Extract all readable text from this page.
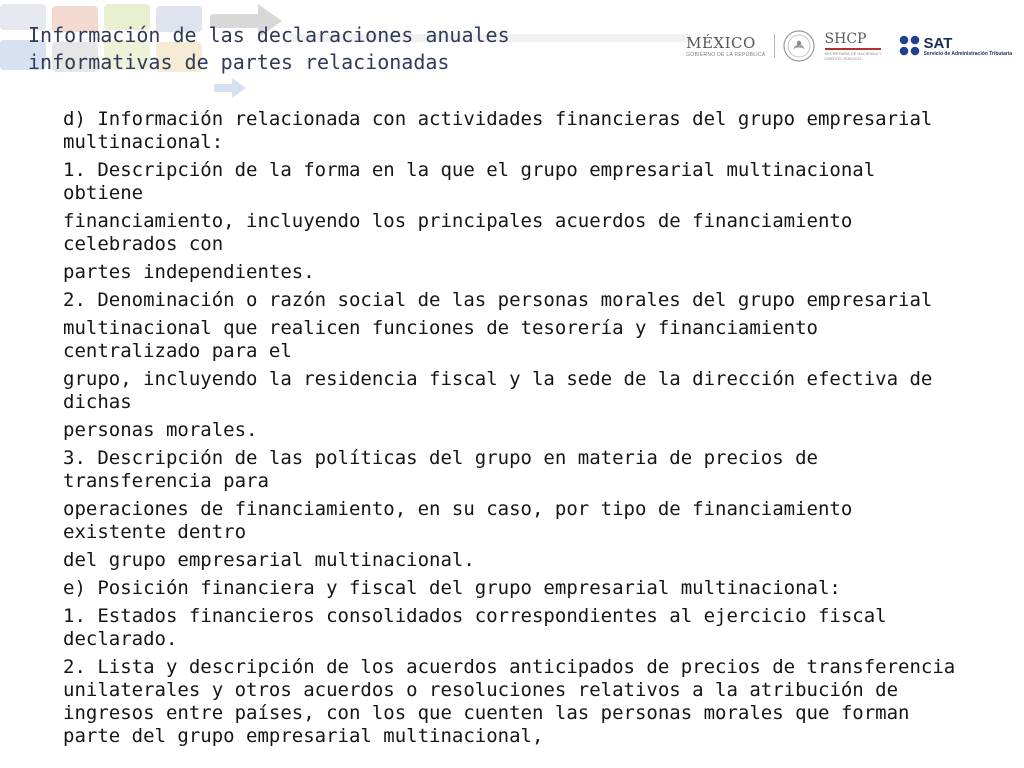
Información de las declaraciones anuales
informativas de partes relacionadas
MÉXICO
GOBIERNO DE LA REPÚBLICA
SHCP
SECRETARÍA DE HACIENDA Y CRÉDITO PÚBLICO
SAT
Servicio de Administración Tributaria

d) Información relacionada con actividades financieras del grupo empresarial multinacional:

1. Descripción de la forma en la que el grupo empresarial multinacional obtiene

financiamiento, incluyendo los principales acuerdos de financiamiento celebrados con

partes independientes.

2. Denominación o razón social de las personas morales del grupo empresarial

multinacional que realicen funciones de tesorería y financiamiento centralizado para el

grupo, incluyendo la residencia fiscal y la sede de la dirección efectiva de dichas

personas morales.

3. Descripción de las políticas del grupo en materia de precios de transferencia para

operaciones de financiamiento, en su caso, por tipo de financiamiento existente dentro

del grupo empresarial multinacional.

e) Posición financiera y fiscal del grupo empresarial multinacional:

1. Estados financieros consolidados correspondientes al ejercicio fiscal declarado.

2. Lista y descripción de los acuerdos anticipados de precios de transferencia unilaterales y otros acuerdos o resoluciones relativos a la atribución de ingresos entre países, con los que cuenten las personas morales que forman parte del grupo empresarial multinacional,
